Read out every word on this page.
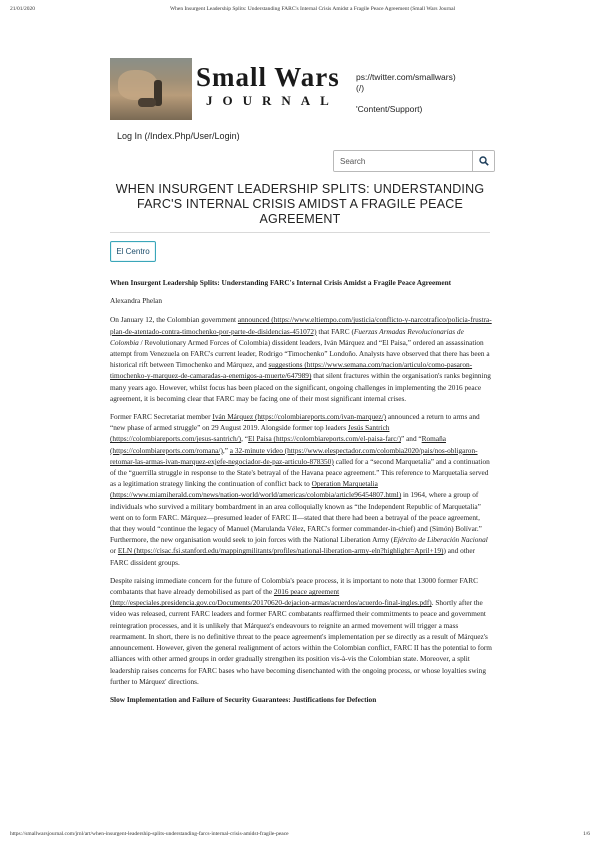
21/01/2020	When Insurgent Leadership Splits: Understanding FARC's Internal Crisis Amidst a Fragile Peace Agreement (Small Wars Journal
Small Wars
JOURNAL
ps://twitter.com/smallwars)
(/)
'Content/Support)
Log In (/Index.Php/User/Login)
Search
WHEN INSURGENT LEADERSHIP SPLITS: UNDERSTANDING FARC'S INTERNAL CRISIS AMIDST A FRAGILE PEACE AGREEMENT
El Centro

When Insurgent Leadership Splits: Understanding FARC's Internal Crisis Amidst a Fragile Peace Agreement

Alexandra Phelan

On January 12, the Colombian government announced (https://www.eltiempo.com/justicia/conflicto-y-narcotrafico/policia-frustra-plan-de-atentado-contra-timochenko-por-parte-de-disidencias-451072) that FARC (Fuerzas Armadas Revolucionarias de Colombia / Revolutionary Armed Forces of Colombia) dissident leaders, Iván Márquez and “El Paisa,” ordered an assassination attempt from Venezuela on FARC's current leader, Rodrigo “Timochenko” Londoño. Analysts have observed that there has been a historical rift between Timochenko and Márquez, and suggestions (https://www.semana.com/nacion/articulo/como-pasaron-timochenko-y-marquez-de-camaradas-a-enemigos-a-muerte/647989) that silent fractures within the organisation's ranks beginning many years ago. However, whilst focus has been placed on the significant, ongoing challenges in implementing the 2016 peace agreement, it is becoming clear that FARC may be facing one of their most significant internal crises.

Former FARC Secretariat member Iván Márquez (https://colombiareports.com/ivan-marquez/) announced a return to arms and “new phase of armed struggle” on 29 August 2019. Alongside former top leaders Jesús Santrich (https://colombiareports.com/jesus-santrich/), “El Paisa (https://colombiareports.com/el-paisa-farc/)” and “Romaña (https://colombiareports.com/romana/),” a 32-minute video (https://www.elespectador.com/colombia2020/pais/nos-obligaron-retomar-las-armas-ivan-marquez-exjefe-negociador-de-paz-articulo-878350) called for a “second Marquetalia” and a continuation of the “guerrilla struggle in response to the State's betrayal of the Havana peace agreement.” This reference to Marquetalia served as a legitimation strategy linking the continuation of conflict back to Operation Marquetalia (https://www.miamiherald.com/news/nation-world/world/americas/colombia/article96454807.html) in 1964, where a group of individuals who survived a military bombardment in an area colloquially known as “the Independent Republic of Marquetalia” went on to form FARC. Márquez—presumed leader of FARC II—stated that there had been a betrayal of the peace agreement, that they would “continue the legacy of Manuel (Marulanda Vélez, FARC's former commander-in-chief) and (Simón) Bolívar.” Furthermore, the new organisation would seek to join forces with the National Liberation Army (Ejército de Liberación Nacional or ELN (https://cisac.fsi.stanford.edu/mappingmilitants/profiles/national-liberation-army-eln?highlight=April+19)) and other FARC dissident groups.

Despite raising immediate concern for the future of Colombia's peace process, it is important to note that 13000 former FARC combatants that have already demobilised as part of the 2016 peace agreement (http://especiales.presidencia.gov.co/Documents/20170620-dejacion-armas/acuerdos/acuerdo-final-ingles.pdf). Shortly after the video was released, current FARC leaders and former FARC combatants reaffirmed their commitments to peace and government reintegration processes, and it is unlikely that Márquez's endeavours to reignite an armed movement will trigger a mass rearmament. In short, there is no definitive threat to the peace agreement's implementation per se directly as a result of Márquez's announcement. However, given the general realignment of actors within the Colombian conflict, FARC II has the potential to form alliances with other armed groups in order gradually strengthen its position vis-à-vis the Colombian state. Moreover, a split leadership raises concerns for FARC bases who have becoming disenchanted with the ongoing process, or whose loyalties swing further to Márquez' directions.

Slow Implementation and Failure of Security Guarantees: Justifications for Defection

https://smallwarsjournal.com/jrnl/art/when-insurgent-leadership-splits-understanding-farcs-internal-crisis-amidst-fragile-peace	1/6
